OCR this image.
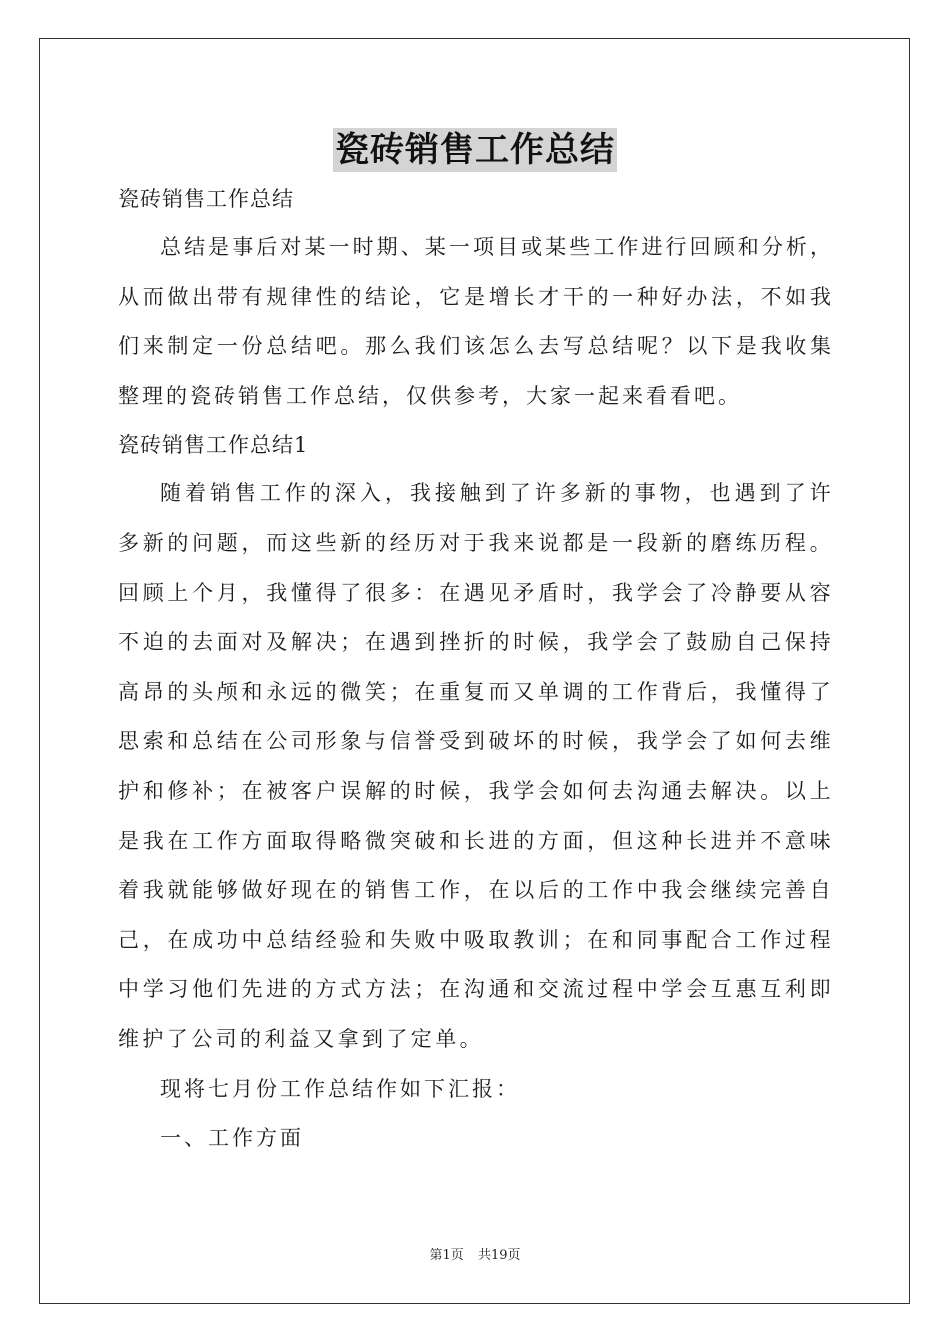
瓷砖销售工作总结

瓷砖销售工作总结

总结是事后对某一时期、某一项目或某些工作进行回顾和分析，从而做出带有规律性的结论，它是增长才干的一种好办法，不如我们来制定一份总结吧。那么我们该怎么去写总结呢？以下是我收集整理的瓷砖销售工作总结，仅供参考，大家一起来看看吧。

瓷砖销售工作总结1

随着销售工作的深入，我接触到了许多新的事物，也遇到了许多新的问题，而这些新的经历对于我来说都是一段新的磨练历程。回顾上个月，我懂得了很多：在遇见矛盾时，我学会了冷静要从容不迫的去面对及解决；在遇到挫折的时候，我学会了鼓励自己保持高昂的头颅和永远的微笑；在重复而又单调的工作背后，我懂得了思索和总结在公司形象与信誉受到破坏的时候，我学会了如何去维护和修补；在被客户误解的时候，我学会如何去沟通去解决。以上是我在工作方面取得略微突破和长进的方面，但这种长进并不意味着我就能够做好现在的销售工作，在以后的工作中我会继续完善自己，在成功中总结经验和失败中吸取教训；在和同事配合工作过程中学习他们先进的方式方法；在沟通和交流过程中学会互惠互利即维护了公司的利益又拿到了定单。

现将七月份工作总结作如下汇报：

一、工作方面

第1页 共19页
